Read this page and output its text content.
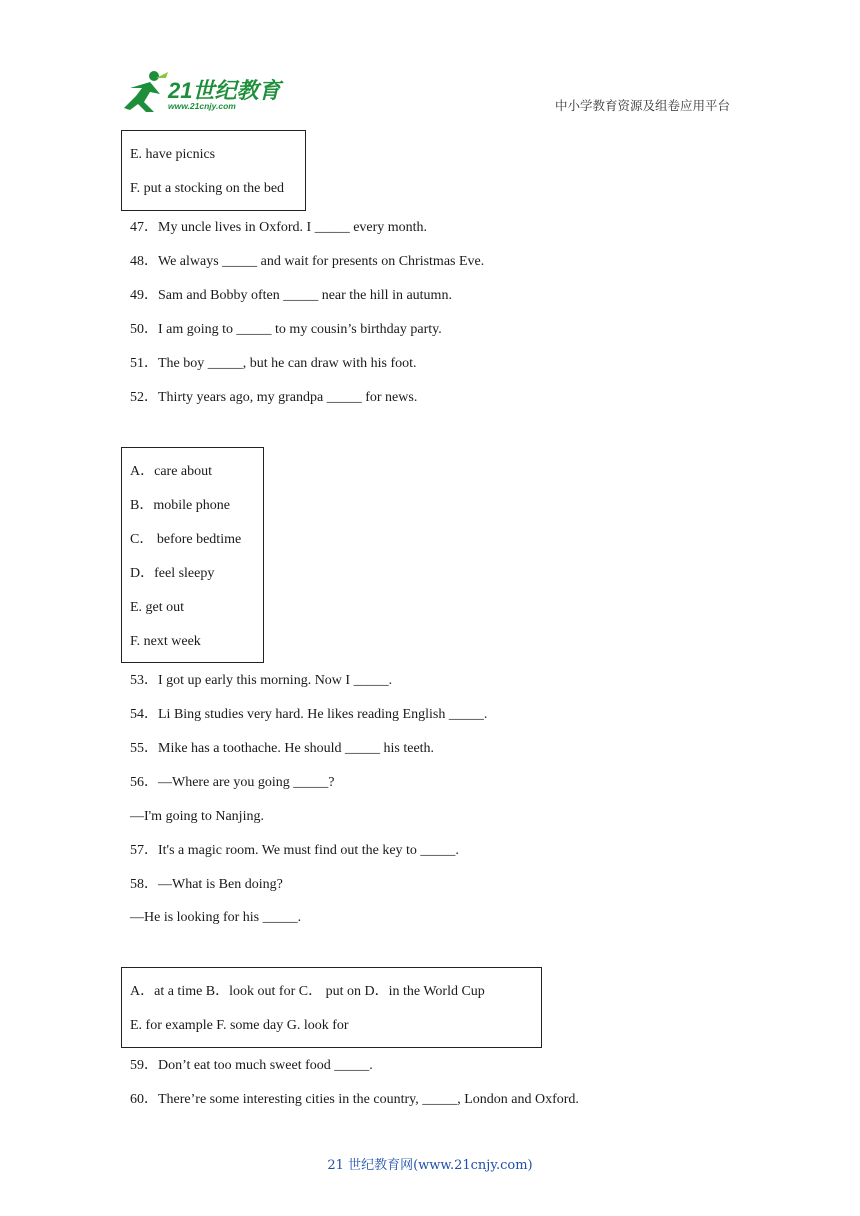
21世纪教育
www.21cnjy.com	中小学教育资源及组卷应用平台
E. have picnics
F. put a stocking on the bed
47．My uncle lives in Oxford. I _____ every month.
48．We always _____ and wait for presents on Christmas Eve.
49．Sam and Bobby often _____ near the hill in autumn.
50．I am going to _____ to my cousin’s birthday party.
51．The boy _____, but he can draw with his foot.
52．Thirty years ago, my grandpa _____ for news.
A．care about
B．mobile phone
C． before bedtime
D．feel sleepy
E. get out
F. next week
53．I got up early this morning. Now I _____.
54．Li Bing studies very hard. He likes reading English _____.
55．Mike has a toothache. He should _____ his teeth.
56．—Where are you going _____?
—I'm going to Nanjing.
57．It's a magic room. We must find out the key to _____.
58．—What is Ben doing?
—He is looking for his _____.
A．at a time B．look out for C． put on D．in the World Cup
E. for example F. some day G. look for
59．Don’t eat too much sweet food _____.
60．There’re some interesting cities in the country, _____, London and Oxford.
21 世纪教育网(www.21cnjy.com)
